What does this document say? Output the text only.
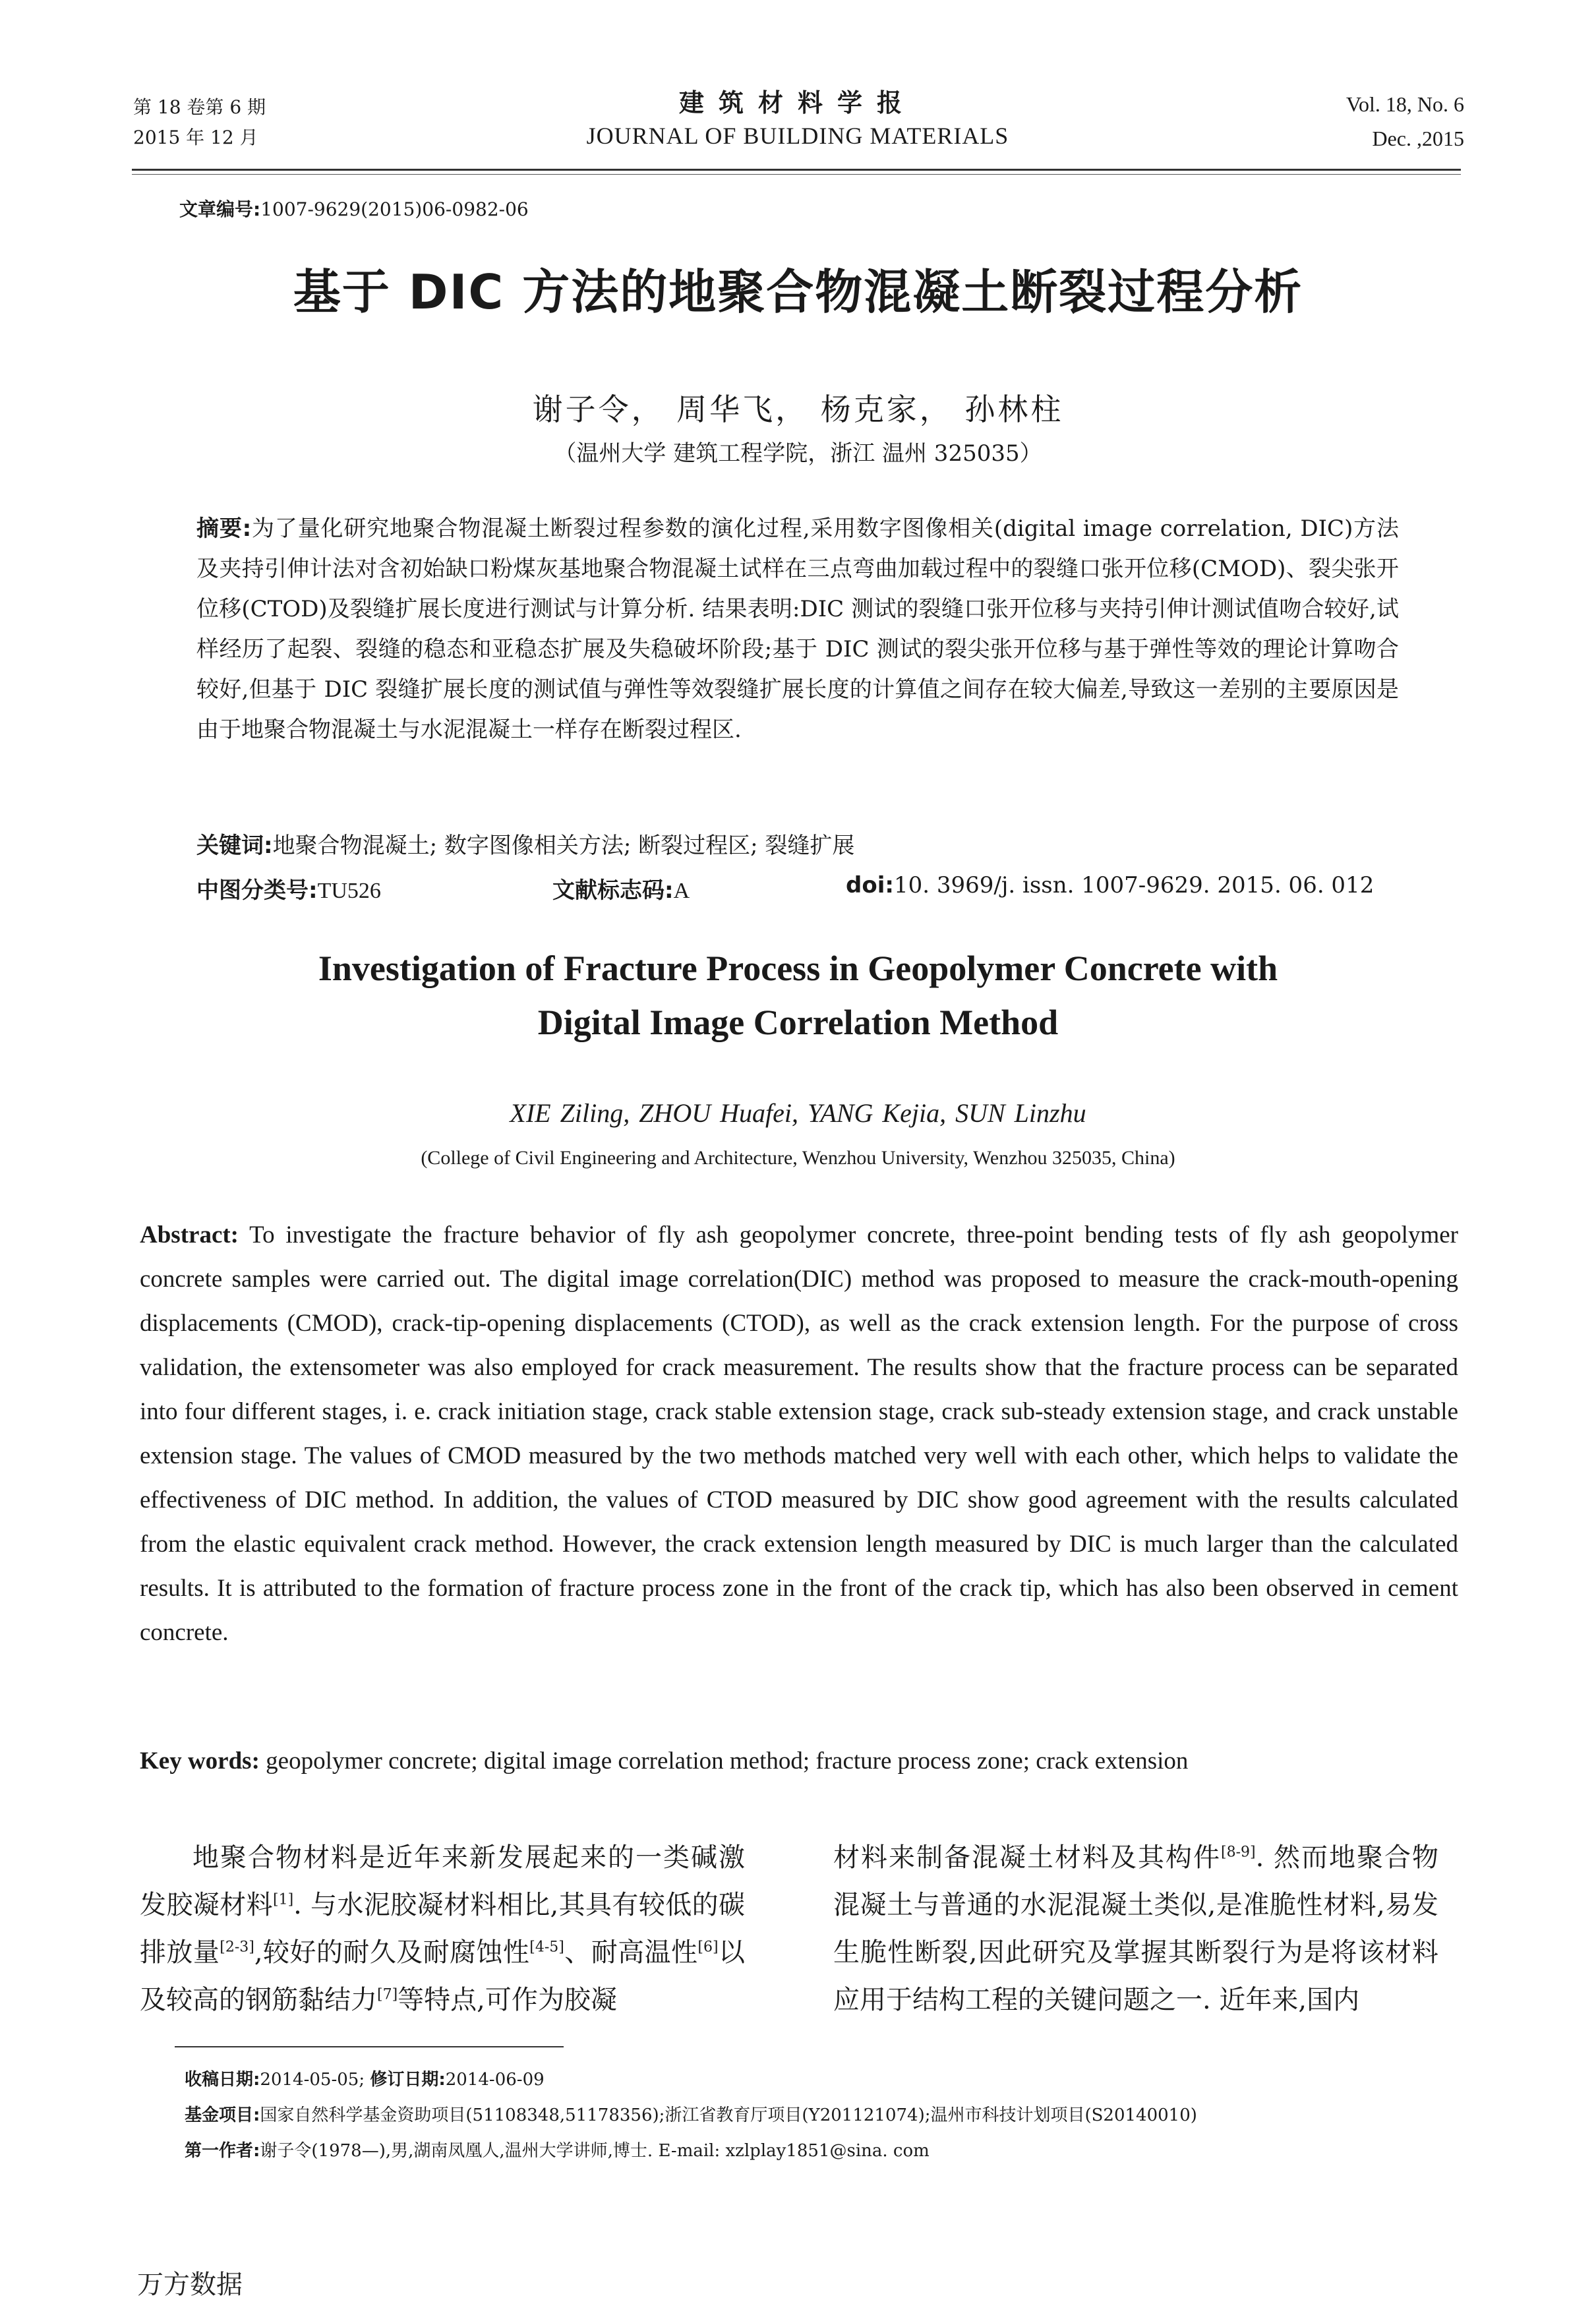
第 18 卷第 6 期
2015 年 12 月
建筑材料学报
JOURNAL OF BUILDING MATERIALS
Vol. 18, No. 6
Dec. ,2015
文章编号:1007-9629(2015)06-0982-06
基于 DIC 方法的地聚合物混凝土断裂过程分析
谢子令， 周华飞， 杨克家， 孙林柱
（温州大学 建筑工程学院，浙江 温州 325035）
摘要:为了量化研究地聚合物混凝土断裂过程参数的演化过程,采用数字图像相关(digital image correlation, DIC)方法及夹持引伸计法对含初始缺口粉煤灰基地聚合物混凝土试样在三点弯曲加载过程中的裂缝口张开位移(CMOD)、裂尖张开位移(CTOD)及裂缝扩展长度进行测试与计算分析. 结果表明:DIC 测试的裂缝口张开位移与夹持引伸计测试值吻合较好,试样经历了起裂、裂缝的稳态和亚稳态扩展及失稳破坏阶段;基于 DIC 测试的裂尖张开位移与基于弹性等效的理论计算吻合较好,但基于 DIC 裂缝扩展长度的测试值与弹性等效裂缝扩展长度的计算值之间存在较大偏差,导致这一差别的主要原因是由于地聚合物混凝土与水泥混凝土一样存在断裂过程区.
关键词:地聚合物混凝土; 数字图像相关方法; 断裂过程区; 裂缝扩展
中图分类号:TU526	文献标志码:A	doi:10. 3969/j. issn. 1007-9629. 2015. 06. 012
Investigation of Fracture Process in Geopolymer Concrete with
Digital Image Correlation Method
XIE Ziling, ZHOU Huafei, YANG Kejia, SUN Linzhu
(College of Civil Engineering and Architecture, Wenzhou University, Wenzhou 325035, China)
Abstract: To investigate the fracture behavior of fly ash geopolymer concrete, three-point bending tests of fly ash geopolymer concrete samples were carried out. The digital image correlation(DIC) method was proposed to measure the crack-mouth-opening displacements (CMOD), crack-tip-opening displacements (CTOD), as well as the crack extension length. For the purpose of cross validation, the extensometer was also employed for crack measurement. The results show that the fracture process can be separated into four different stages, i. e. crack initiation stage, crack stable extension stage, crack sub-steady extension stage, and crack unstable extension stage. The values of CMOD measured by the two methods matched very well with each other, which helps to validate the effectiveness of DIC method. In addition, the values of CTOD measured by DIC show good agreement with the results calculated from the elastic equivalent crack method. However, the crack extension length measured by DIC is much larger than the calculated results. It is attributed to the formation of fracture process zone in the front of the crack tip, which has also been observed in cement concrete.
Key words: geopolymer concrete; digital image correlation method; fracture process zone; crack extension
地聚合物材料是近年来新发展起来的一类碱激发胶凝材料[1]. 与水泥胶凝材料相比,其具有较低的碳排放量[2-3],较好的耐久及耐腐蚀性[4-5]、耐高温性[6]以及较高的钢筋黏结力[7]等特点,可作为胶凝
材料来制备混凝土材料及其构件[8-9]. 然而地聚合物混凝土与普通的水泥混凝土类似,是准脆性材料,易发生脆性断裂,因此研究及掌握其断裂行为是将该材料应用于结构工程的关键问题之一. 近年来,国内
收稿日期:2014-05-05; 修订日期:2014-06-09
基金项目:国家自然科学基金资助项目(51108348,51178356);浙江省教育厅项目(Y201121074);温州市科技计划项目(S20140010)
第一作者:谢子令(1978—),男,湖南凤凰人,温州大学讲师,博士. E-mail: xzlplay1851@sina. com
万方数据
